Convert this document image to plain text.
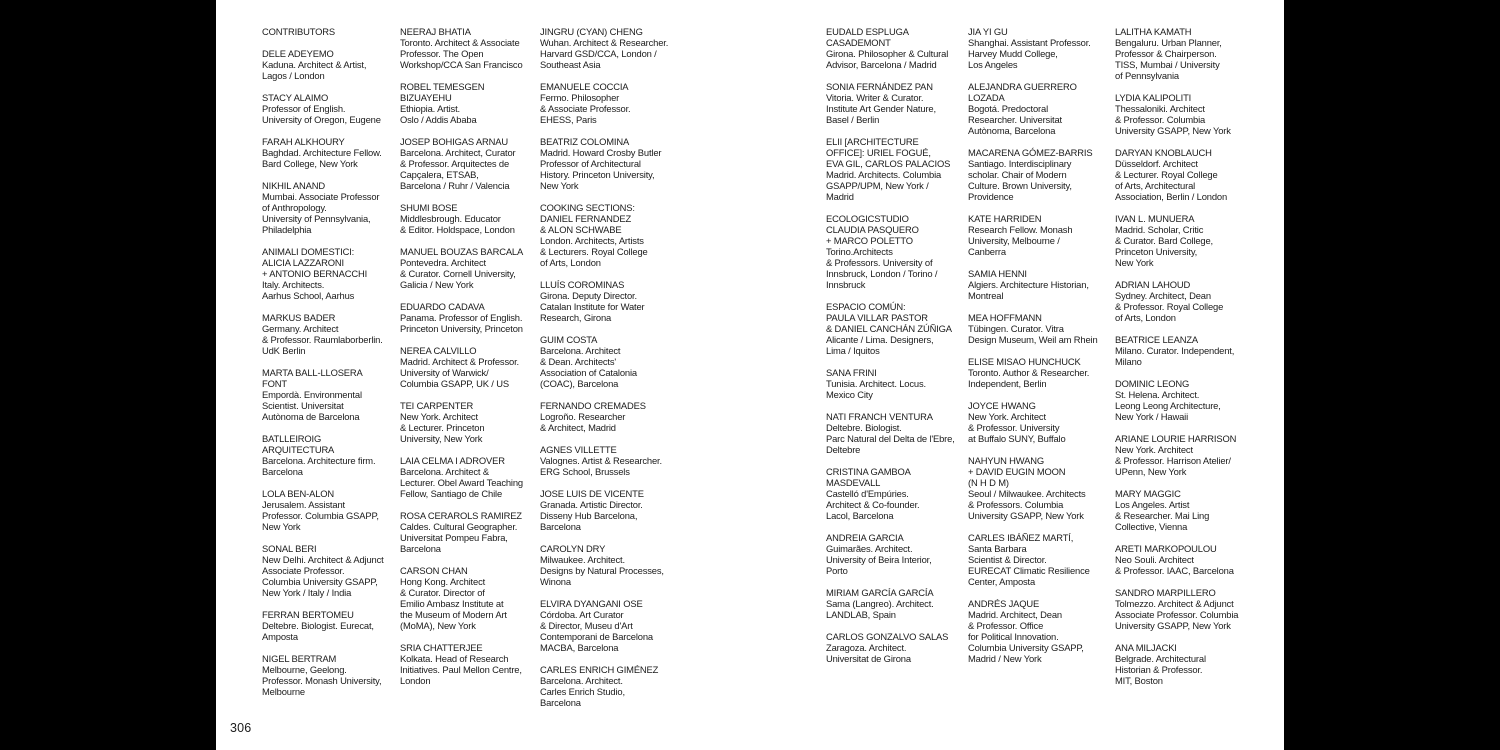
CONTRIBUTORS
DELE ADEYEMO
Kaduna. Architect & Artist,
Lagos / London
STACY ALAIMO
Professor of English.
University of Oregon, Eugene
FARAH ALKHOURY
Baghdad. Architecture Fellow.
Bard College, New York
NIKHIL ANAND
Mumbai. Associate Professor
of Anthropology.
University of Pennsylvania,
Philadelphia
ANIMALI DOMESTICI:
ALICIA LAZZARONI
+ ANTONIO BERNACCHI
Italy. Architects.
Aarhus School, Aarhus
MARKUS BADER
Germany. Architect
& Professor. Raumlaborberlin.
UdK Berlin
MARTA BALL-LLOSERA
FONT
Empordà. Environmental
Scientist. Universitat
Autònoma de Barcelona
BATLLEIROIG
ARQUITECTURA
Barcelona. Architecture firm.
Barcelona
LOLA BEN-ALON
Jerusalem. Assistant
Professor. Columbia GSAPP,
New York
SONAL BERI
New Delhi. Architect & Adjunct
Associate Professor.
Columbia University GSAPP,
New York / Italy / India
FERRAN BERTOMEU
Deltebre. Biologist. Eurecat,
Amposta
NIGEL BERTRAM
Melbourne, Geelong.
Professor. Monash University,
Melbourne
NEERAJ BHATIA
Toronto. Architect & Associate
Professor. The Open
Workshop/CCA San Francisco
ROBEL TEMESGEN
BIZUAYEHU
Ethiopia. Artist.
Oslo / Addis Ababa
JOSEP BOHIGAS ARNAU
Barcelona. Architect, Curator
& Professor. Arquitectes de
Capçalera, ETSAB,
Barcelona / Ruhr / Valencia
SHUMI BOSE
Middlesbrough. Educator
& Editor. Holdspace, London
MANUEL BOUZAS BARCALA
Pontevedra. Architect
& Curator. Cornell University,
Galicia / New York
EDUARDO CADAVA
Panama. Professor of English.
Princeton University, Princeton
NEREA CALVILLO
Madrid. Architect & Professor.
University of Warwick/
Columbia GSAPP, UK / US
TEI CARPENTER
New York. Architect
& Lecturer. Princeton
University, New York
LAIA CELMA I ADROVER
Barcelona. Architect &
Lecturer. Obel Award Teaching
Fellow, Santiago de Chile
ROSA CERAROLS RAMIREZ
Caldes. Cultural Geographer.
Universitat Pompeu Fabra,
Barcelona
CARSON CHAN
Hong Kong. Architect
& Curator. Director of
Emilio Ambasz Institute at
the Museum of Modern Art
(MoMA), New York
SRIA CHATTERJEE
Kolkata. Head of Research
Initiatives. Paul Mellon Centre,
London
JINGRU (CYAN) CHENG
Wuhan. Architect & Researcher.
Harvard GSD/CCA, London /
Southeast Asia
EMANUELE COCCIA
Fermo. Philosopher
& Associate Professor.
EHESS, Paris
BEATRIZ COLOMINA
Madrid. Howard Crosby Butler
Professor of Architectural
History. Princeton University,
New York
COOKING SECTIONS:
DANIEL FERNANDEZ
& ALON SCHWABE
London. Architects, Artists
& Lecturers. Royal College
of Arts, London
LLUÍS COROMINAS
Girona. Deputy Director.
Catalan Institute for Water
Research, Girona
GUIM COSTA
Barcelona. Architect
& Dean. Architects'
Association of Catalonia
(COAC), Barcelona
FERNANDO CREMADES
Logroño. Researcher
& Architect, Madrid
AGNES VILLETTE
Valognes. Artist & Researcher.
ERG School, Brussels
JOSE LUIS DE VICENTE
Granada. Artistic Director.
Disseny Hub Barcelona,
Barcelona
CAROLYN DRY
Milwaukee. Architect.
Designs by Natural Processes,
Winona
ELVIRA DYANGANI OSE
Córdoba. Art Curator
& Director, Museu d'Art
Contemporani de Barcelona
MACBA, Barcelona
CARLES ENRICH GIMÉNEZ
Barcelona. Architect.
Carles Enrich Studio,
Barcelona
EUDALD ESPLUGA
CASADEMONT
Girona. Philosopher & Cultural
Advisor, Barcelona / Madrid
SONIA FERNÁNDEZ PAN
Vitoria. Writer & Curator.
Institute Art Gender Nature,
Basel / Berlin
ELII [ARCHITECTURE
OFFICE]: URIEL FOGUÉ,
EVA GIL, CARLOS PALACIOS
Madrid. Architects. Columbia
GSAPP/UPM, New York /
Madrid
ECOLOGICSTUDIO
CLAUDIA PASQUERO
+ MARCO POLETTO
Torino.Architects
& Professors. University of
Innsbruck, London / Torino /
Innsbruck
ESPACIO COMÚN:
PAULA VILLAR PASTOR
& DANIEL CANCHÁN ZÚÑIGA
Alicante / Lima. Designers,
Lima / Iquitos
SANA FRINI
Tunisia. Architect. Locus.
Mexico City
NATI FRANCH VENTURA
Deltebre. Biologist.
Parc Natural del Delta de l'Ebre,
Deltebre
CRISTINA GAMBOA
MASDEVALL
Castelló d'Empúries.
Architect & Co-founder.
Lacol, Barcelona
ANDREIA GARCIA
Guimarães. Architect.
University of Beira Interior,
Porto
MIRIAM GARCÍA GARCÍA
Sama (Langreo). Architect.
LANDLAB, Spain
CARLOS GONZALVO SALAS
Zaragoza. Architect.
Universitat de Girona
JIA YI GU
Shanghai. Assistant Professor.
Harvey Mudd College,
Los Angeles
ALEJANDRA GUERRERO
LOZADA
Bogotá. Predoctoral
Researcher. Universitat
Autònoma, Barcelona
MACARENA GÓMEZ-BARRIS
Santiago. Interdisciplinary
scholar. Chair of Modern
Culture. Brown University,
Providence
KATE HARRIDEN
Research Fellow. Monash
University, Melbourne /
Canberra
SAMIA HENNI
Algiers. Architecture Historian,
Montreal
MEA HOFFMANN
Tübingen. Curator. Vitra
Design Museum, Weil am Rhein
ELISE MISAO HUNCHUCK
Toronto. Author & Researcher.
Independent, Berlin
JOYCE HWANG
New York. Architect
& Professor. University
at Buffalo SUNY, Buffalo
NAHYUN HWANG
+ DAVID EUGIN MOON
(N H D M)
Seoul / Milwaukee. Architects
& Professors. Columbia
University GSAPP, New York
CARLES IBÁÑEZ MARTÍ,
Santa Barbara
Scientist & Director.
EURECAT Climatic Resilience
Center, Amposta
ANDRÉS JAQUE
Madrid. Architect, Dean
& Professor. Office
for Political Innovation.
Columbia University GSAPP,
Madrid / New York
LALITHA KAMATH
Bengaluru. Urban Planner,
Professor & Chairperson.
TISS, Mumbai / University
of Pennsylvania
LYDIA KALIPOLITI
Thessaloniki. Architect
& Professor. Columbia
University GSAPP, New York
DARYAN KNOBLAUCH
Düsseldorf. Architect
& Lecturer. Royal College
of Arts, Architectural
Association, Berlin / London
IVAN L. MUNUERA
Madrid. Scholar, Critic
& Curator. Bard College,
Princeton University,
New York
ADRIAN LAHOUD
Sydney. Architect, Dean
& Professor. Royal College
of Arts, London
BEATRICE LEANZA
Milano. Curator. Independent,
Milano
DOMINIC LEONG
St. Helena. Architect.
Leong Leong Architecture,
New York / Hawaii
ARIANE LOURIE HARRISON
New York. Architect
& Professor. Harrison Atelier/
UPenn, New York
MARY MAGGIC
Los Angeles. Artist
& Researcher. Mai Ling
Collective, Vienna
ARETI MARKOPOULOU
Neo Souli. Architect
& Professor. IAAC, Barcelona
SANDRO MARPILLERO
Tolmezzo. Architect & Adjunct
Associate Professor. Columbia
University GSAPP, New York
ANA MILJACKI
Belgrade. Architectural
Historian & Professor.
MIT, Boston
306
